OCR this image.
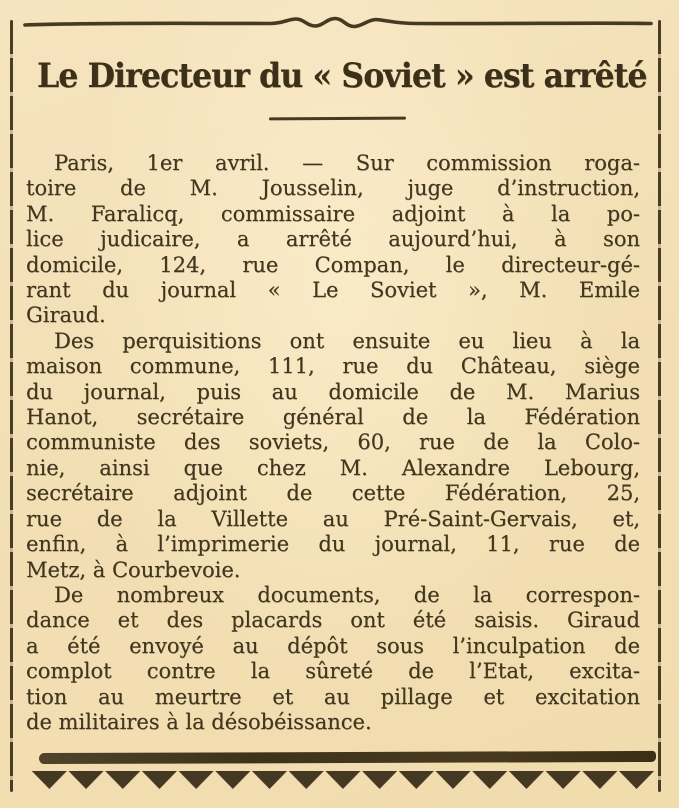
Le Directeur du « Soviet » est arrêté

Paris, 1er avril. — Sur commission roga-
toire de M. Jousselin, juge d’instruction,
M. Faralicq, commissaire adjoint à la po-
lice judicaire, a arrêté aujourd’hui, à son
domicile, 124, rue Compan, le directeur-gé-
rant du journal « Le Soviet », M. Emile
Giraud.

Des perquisitions ont ensuite eu lieu à la
maison commune, 111, rue du Château, siège
du journal, puis au domicile de M. Marius
Hanot, secrétaire général de la Fédération
communiste des soviets, 60, rue de la Colo-
nie, ainsi que chez M. Alexandre Lebourg,
secrétaire adjoint de cette Fédération, 25,
rue de la Villette au Pré-Saint-Gervais, et,
enfin, à l’imprimerie du journal, 11, rue de
Metz, à Courbevoie.

De nombreux documents, de la correspon-
dance et des placards ont été saisis. Giraud
a été envoyé au dépôt sous l’inculpation de
complot contre la sûreté de l’Etat, excita-
tion au meurtre et au pillage et excitation
de militaires à la désobéissance.
